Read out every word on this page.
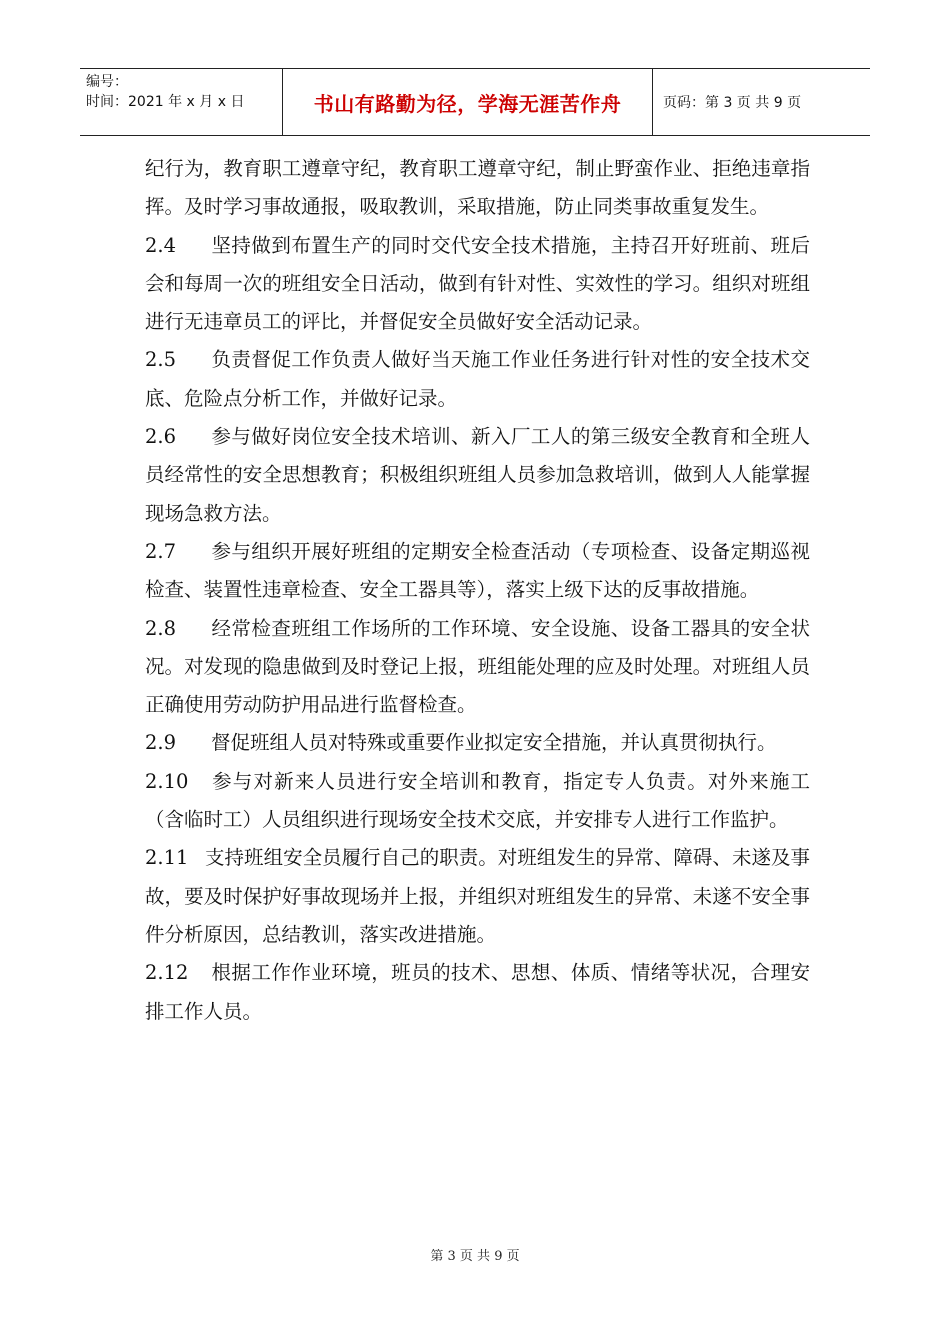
编号：
时间：2021 年 x 月 x 日	书山有路勤为径，学海无涯苦作舟	页码：第 3 页 共 9 页

纪行为，教育职工遵章守纪，教育职工遵章守纪，制止野蛮作业、拒绝违章指挥。及时学习事故通报，吸取教训，采取措施，防止同类事故重复发生。

2.4 坚持做到布置生产的同时交代安全技术措施，主持召开好班前、班后会和每周一次的班组安全日活动，做到有针对性、实效性的学习。组织对班组进行无违章员工的评比，并督促安全员做好安全活动记录。

2.5 负责督促工作负责人做好当天施工作业任务进行针对性的安全技术交底、危险点分析工作，并做好记录。

2.6 参与做好岗位安全技术培训、新入厂工人的第三级安全教育和全班人员经常性的安全思想教育；积极组织班组人员参加急救培训，做到人人能掌握现场急救方法。

2.7 参与组织开展好班组的定期安全检查活动（专项检查、设备定期巡视检查、装置性违章检查、安全工器具等），落实上级下达的反事故措施。

2.8 经常检查班组工作场所的工作环境、安全设施、设备工器具的安全状况。对发现的隐患做到及时登记上报，班组能处理的应及时处理。对班组人员正确使用劳动防护用品进行监督检查。

2.9 督促班组人员对特殊或重要作业拟定安全措施，并认真贯彻执行。

2.10 参与对新来人员进行安全培训和教育，指定专人负责。对外来施工（含临时工）人员组织进行现场安全技术交底，并安排专人进行工作监护。

2.11 支持班组安全员履行自己的职责。对班组发生的异常、障碍、未遂及事故，要及时保护好事故现场并上报，并组织对班组发生的异常、未遂不安全事件分析原因，总结教训，落实改进措施。

2.12 根据工作作业环境，班员的技术、思想、体质、情绪等状况，合理安排工作人员。

第 3 页 共 9 页
